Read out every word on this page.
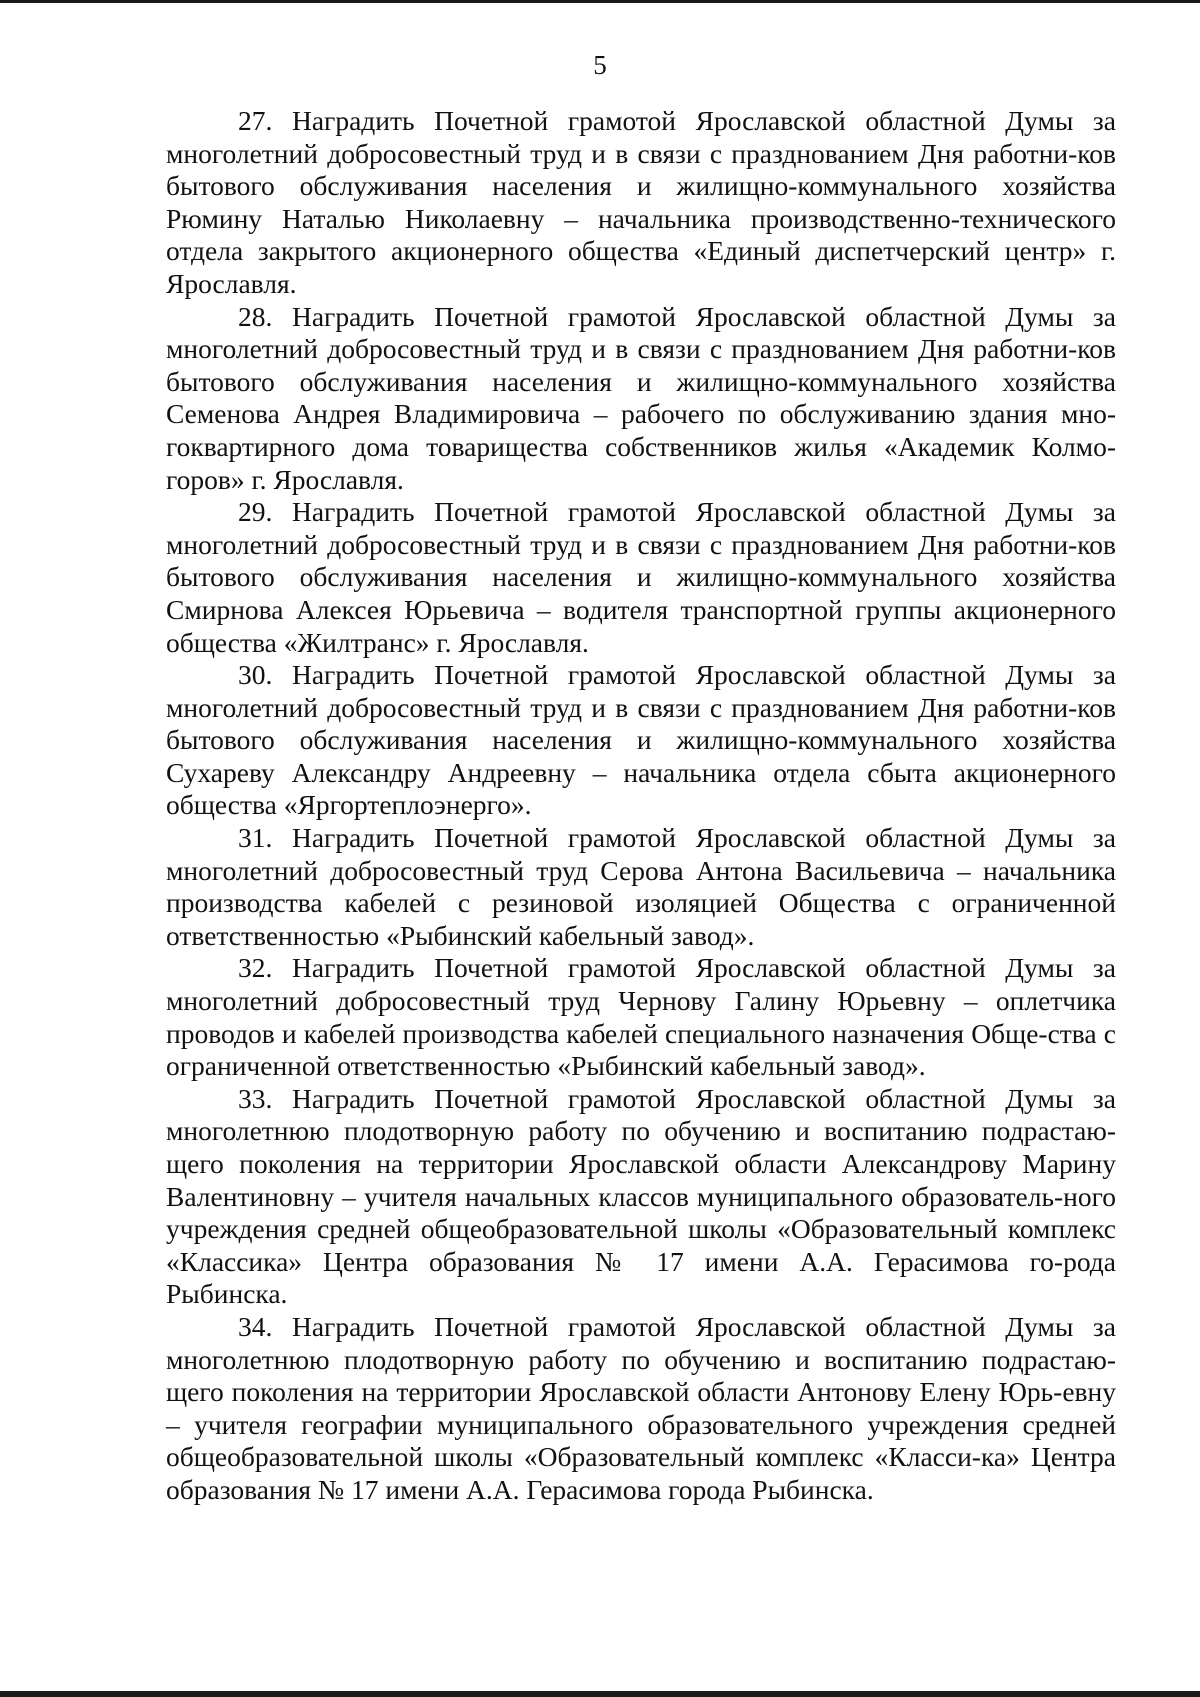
5

27. Наградить Почетной грамотой Ярославской областной Думы за многолетний добросовестный труд и в связи с празднованием Дня работни-ков бытового обслуживания населения и жилищно-коммунального хозяйства Рюмину Наталью Николаевну – начальника производственно-технического отдела закрытого акционерного общества «Единый диспетчерский центр» г. Ярославля.

28. Наградить Почетной грамотой Ярославской областной Думы за многолетний добросовестный труд и в связи с празднованием Дня работни-ков бытового обслуживания населения и жилищно-коммунального хозяйства Семенова Андрея Владимировича – рабочего по обслуживанию здания мно-гоквартирного дома товарищества собственников жилья «Академик Колмо-горов» г. Ярославля.

29. Наградить Почетной грамотой Ярославской областной Думы за многолетний добросовестный труд и в связи с празднованием Дня работни-ков бытового обслуживания населения и жилищно-коммунального хозяйства Смирнова Алексея Юрьевича – водителя транспортной группы акционерного общества «Жилтранс» г. Ярославля.

30. Наградить Почетной грамотой Ярославской областной Думы за многолетний добросовестный труд и в связи с празднованием Дня работни-ков бытового обслуживания населения и жилищно-коммунального хозяйства Сухареву Александру Андреевну – начальника отдела сбыта акционерного общества «Яргортеплоэнерго».

31. Наградить Почетной грамотой Ярославской областной Думы за многолетний добросовестный труд Серова Антона Васильевича – начальника производства кабелей с резиновой изоляцией Общества с ограниченной ответственностью «Рыбинский кабельный завод».

32. Наградить Почетной грамотой Ярославской областной Думы за многолетний добросовестный труд Чернову Галину Юрьевну – оплетчика проводов и кабелей производства кабелей специального назначения Обще-ства с ограниченной ответственностью «Рыбинский кабельный завод».

33. Наградить Почетной грамотой Ярославской областной Думы за многолетнюю плодотворную работу по обучению и воспитанию подрастаю-щего поколения на территории Ярославской области Александрову Марину Валентиновну – учителя начальных классов муниципального образователь-ного учреждения средней общеобразовательной школы «Образовательный комплекс «Классика» Центра образования № 17 имени А.А. Герасимова го-рода Рыбинска.

34. Наградить Почетной грамотой Ярославской областной Думы за многолетнюю плодотворную работу по обучению и воспитанию подрастаю-щего поколения на территории Ярославской области Антонову Елену Юрь-евну – учителя географии муниципального образовательного учреждения средней общеобразовательной школы «Образовательный комплекс «Класси-ка» Центра образования № 17 имени А.А. Герасимова города Рыбинска.
